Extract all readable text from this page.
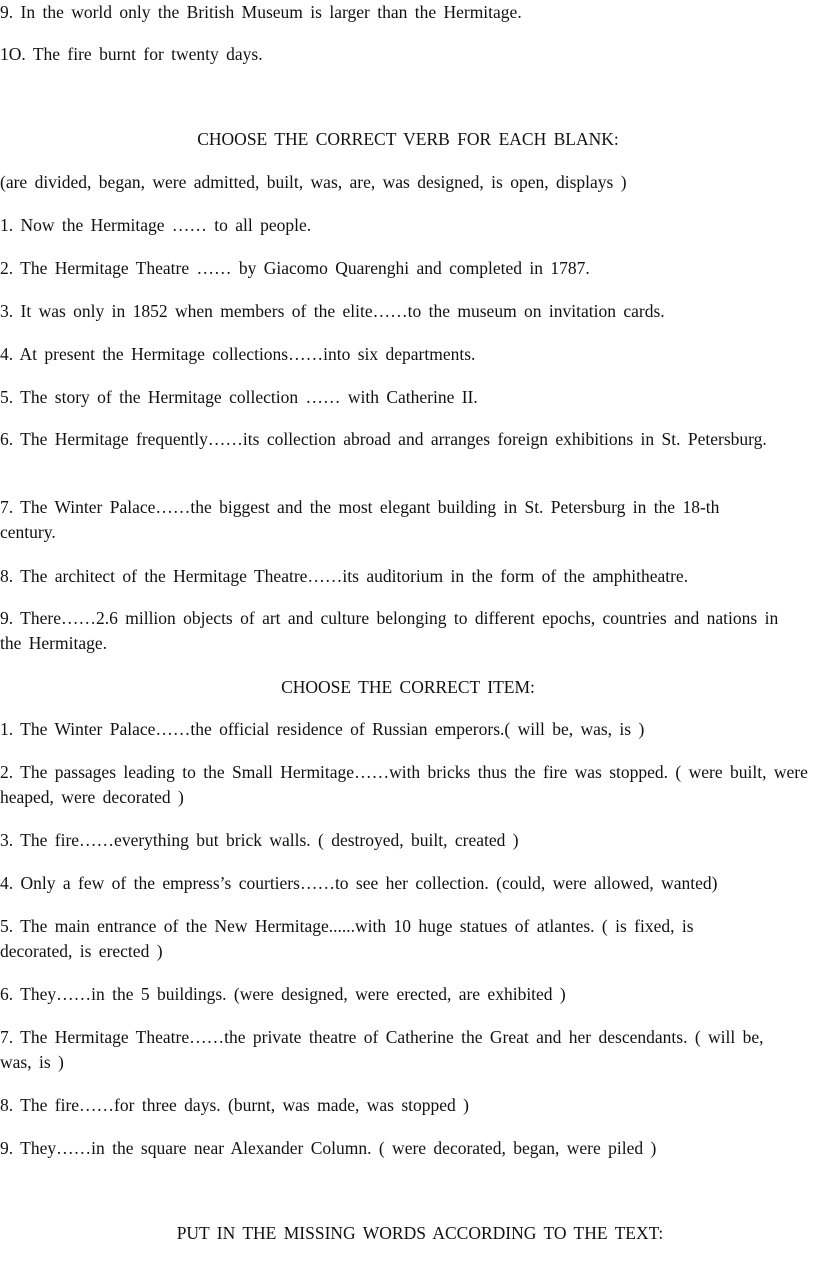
9. In the world only the British Museum is larger than the Hermitage.
1O. The fire burnt for twenty days.
CHOOSE THE CORRECT VERB FOR EACH BLANK:
(are divided, began, were admitted, built, was, are, was designed, is open, displays )
1. Now the Hermitage …… to all people.
2. The Hermitage Theatre …… by Giacomo Quarenghi and completed in 1787.
3. It was only in 1852 when members of the elite……to the museum on invitation cards.
4. At present the Hermitage collections……into six departments.
5. The story of the Hermitage collection …… with Catherine II.
6. The Hermitage frequently……its collection abroad and arranges foreign exhibitions in St. Petersburg.
7. The Winter Palace……the biggest and the most elegant building in St. Petersburg in the 18-th century.
8. The architect of the Hermitage Theatre……its auditorium in the form of the amphitheatre.
9. There……2.6 million objects of art and culture belonging to different epochs, countries and nations in the Hermitage.
CHOOSE THE CORRECT ITEM:
1. The Winter Palace……the official residence of Russian emperors.( will be, was, is )
2. The passages leading to the Small Hermitage……with bricks thus the fire was stopped. ( were built, were heaped, were decorated )
3. The fire……everything but brick walls. ( destroyed, built, created )
4. Only a few of the empress’s courtiers……to see her collection. (could, were allowed, wanted)
5. The main entrance of the New Hermitage......with 10 huge statues of atlantes. ( is fixed, is decorated, is erected )
6. They……in the 5 buildings. (were designed, were erected, are exhibited )
7. The Hermitage Theatre……the private theatre of Catherine the Great and her descendants. ( will be, was, is )
8. The fire……for three days. (burnt, was made, was stopped )
9. They……in the square near Alexander Column. ( were decorated, began, were piled )
PUT IN THE MISSING WORDS ACCORDING TO THE TEXT:
